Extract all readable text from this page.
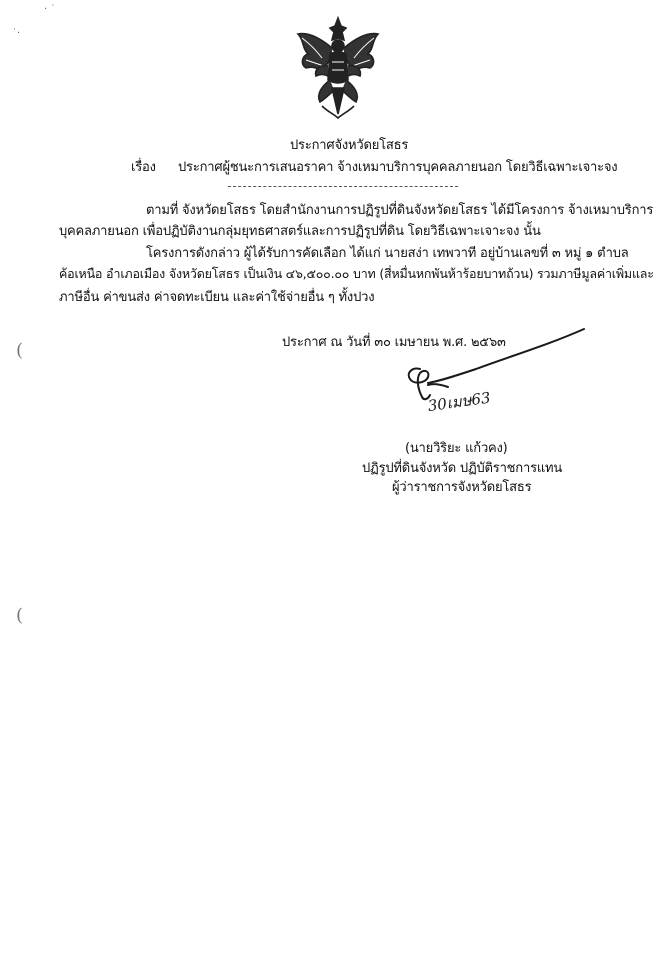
ประกาศจังหวัดยโสธร
เรื่อง ประกาศผู้ชนะการเสนอราคา จ้างเหมาบริการบุคคลภายนอก โดยวิธีเฉพาะเจาะจง
ตามที่ จังหวัดยโสธร โดยสำนักงานการปฏิรูปที่ดินจังหวัดยโสธร ได้มีโครงการ จ้างเหมาบริการ
บุคคลภายนอก เพื่อปฏิบัติงานกลุ่มยุทธศาสตร์และการปฏิรูปที่ดิน โดยวิธีเฉพาะเจาะจง นั้น
โครงการดังกล่าว ผู้ได้รับการคัดเลือก ได้แก่ นายสง่า เทพวาที อยู่บ้านเลขที่ ๓ หมู่ ๑ ตำบล
ค้อเหนือ อำเภอเมือง จังหวัดยโสธร เป็นเงิน ๔๖,๕๐๐.๐๐ บาท (สี่หมื่นหกพันห้าร้อยบาทถ้วน) รวมภาษีมูลค่าเพิ่มและ
ภาษีอื่น ค่าขนส่ง ค่าจดทะเบียน และค่าใช้จ่ายอื่น ๆ ทั้งปวง
ประกาศ ณ วันที่ ๓๐ เมษายน พ.ศ. ๒๕๖๓
30เมษ63
(นายวิริยะ แก้วคง)
ปฏิรูปที่ดินจังหวัด ปฏิบัติราชการแทน
ผู้ว่าราชการจังหวัดยโสธร
(
(
· ˙
˙·
